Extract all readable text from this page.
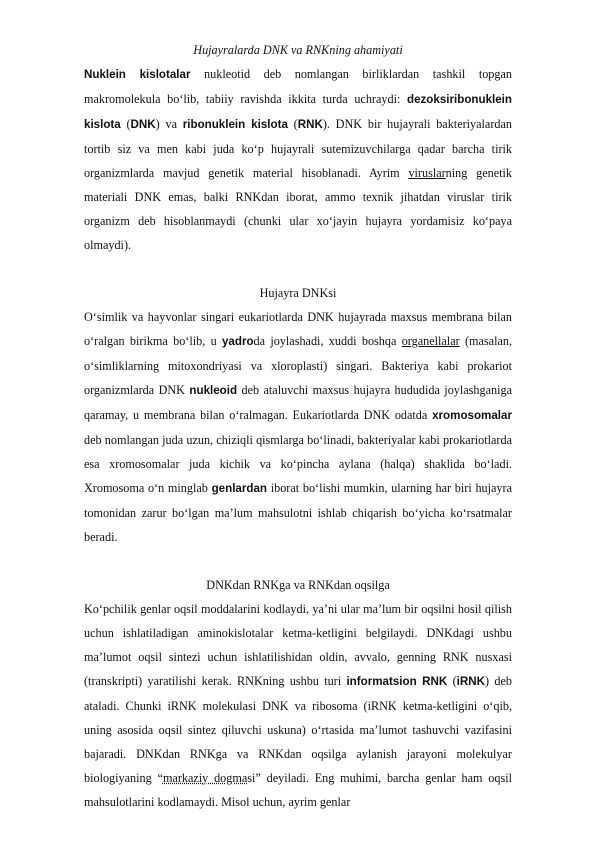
Hujayralarda DNK va RNKning ahamiyati

Nuklein kislotalar nukleotid deb nomlangan birliklardan tashkil topgan makromolekula bo‘lib, tabiiy ravishda ikkita turda uchraydi: dezoksiribonuklein kislota (DNK) va ribonuklein kislota (RNK). DNK bir hujayrali bakteriyalardan tortib siz va men kabi juda ko‘p hujayrali sutemizuvchilarga qadar barcha tirik organizmlarda mavjud genetik material hisoblanadi. Ayrim viruslarning genetik materiali DNK emas, balki RNKdan iborat, ammo texnik jihatdan viruslar tirik organizm deb hisoblanmaydi (chunki ular xo‘jayin hujayra yordamisiz ko‘paya olmaydi).

Hujayra DNKsi

O‘simlik va hayvonlar singari eukariotlarda DNK hujayrada maxsus membrana bilan o‘ralgan birikma bo‘lib, u yadroda joylashadi, xuddi boshqa organellalar (masalan, o‘simliklarning mitoxondriyasi va xloroplasti) singari. Bakteriya kabi prokariot organizmlarda DNK nukleoid deb ataluvchi maxsus hujayra hududida joylashganiga qaramay, u membrana bilan o‘ralmagan. Eukariotlarda DNK odatda xromosomalar deb nomlangan juda uzun, chiziqli qismlarga bo‘linadi, bakteriyalar kabi prokariotlarda esa xromosomalar juda kichik va ko‘pincha aylana (halqa) shaklida bo‘ladi. Xromosoma o‘n minglab genlardan iborat bo‘lishi mumkin, ularning har biri hujayra tomonidan zarur bo‘lgan ma’lum mahsulotni ishlab chiqarish bo‘yicha ko‘rsatmalar beradi.

DNKdan RNKga va RNKdan oqsilga

Ko‘pchilik genlar oqsil moddalarini kodlaydi, ya’ni ular ma’lum bir oqsilni hosil qilish uchun ishlatiladigan aminokislotalar ketma-ketligini belgilaydi. DNKdagi ushbu ma’lumot oqsil sintezi uchun ishlatilishidan oldin, avvalo, genning RNK nusxasi (transkripti) yaratilishi kerak. RNKning ushbu turi informatsion RNK (iRNK) deb ataladi. Chunki iRNK molekulasi DNK va ribosoma (iRNK ketma-ketligini o‘qib, uning asosida oqsil sintez qiluvchi uskuna) o‘rtasida ma’lumot tashuvchi vazifasini bajaradi. DNKdan RNKga va RNKdan oqsilga aylanish jarayoni molekulyar biologiyaning “markaziy dogmasi” deyiladi. Eng muhimi, barcha genlar ham oqsil mahsulotlarini kodlamaydi. Misol uchun, ayrim genlar
